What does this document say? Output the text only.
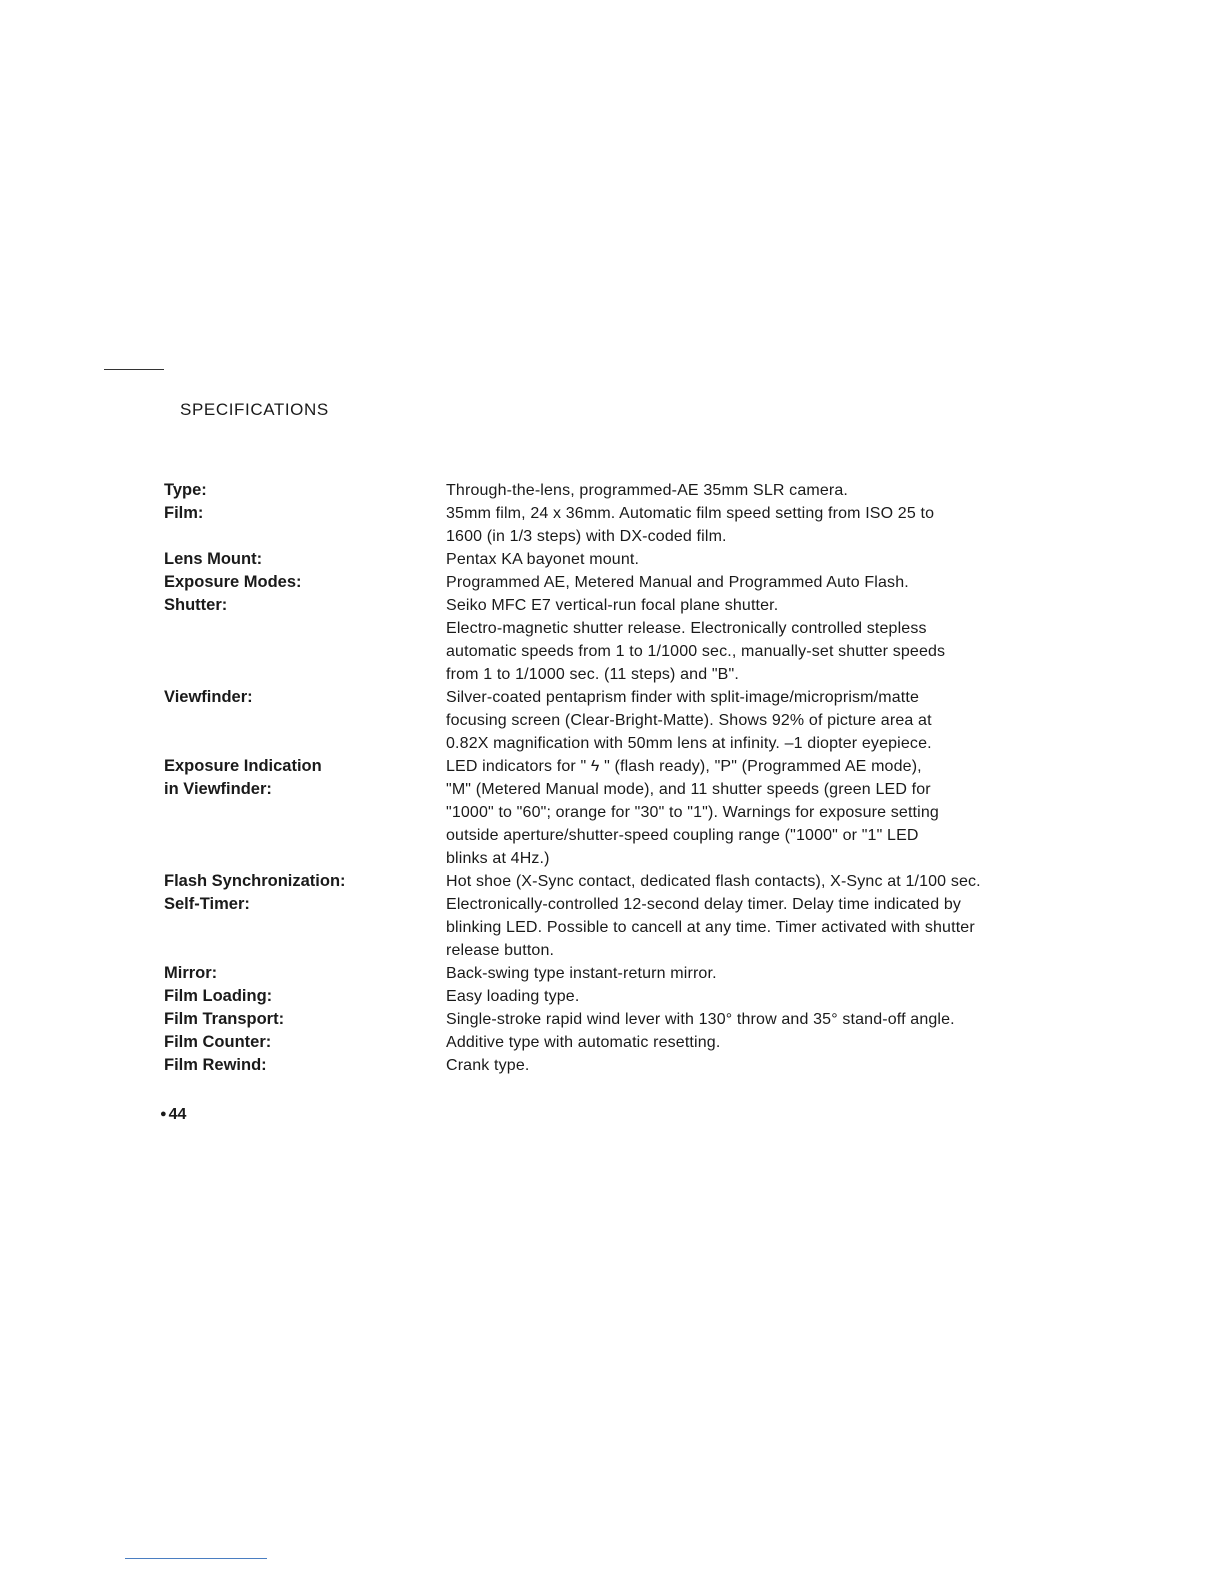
SPECIFICATIONS
Type:	Through-the-lens, programmed-AE 35mm SLR camera.
Film:	35mm film, 24 x 36mm. Automatic film speed setting from ISO 25 to
1600 (in 1/3 steps) with DX-coded film.
Lens Mount:	Pentax KA bayonet mount.
Exposure Modes:	Programmed AE, Metered Manual and Programmed Auto Flash.
Shutter:	Seiko MFC E7 vertical-run focal plane shutter.
Electro-magnetic shutter release. Electronically controlled stepless
automatic speeds from 1 to 1/1000 sec., manually-set shutter speeds
from 1 to 1/1000 sec. (11 steps) and "B".
Viewfinder:	Silver-coated pentaprism finder with split-image/microprism/matte
focusing screen (Clear-Bright-Matte). Shows 92% of picture area at
0.82X magnification with 50mm lens at infinity. –1 diopter eyepiece.
Exposure Indication
in Viewfinder:
LED indicators for " ϟ " (flash ready), "P" (Programmed AE mode),
"M" (Metered Manual mode), and 11 shutter speeds (green LED for
"1000" to "60"; orange for "30" to "1"). Warnings for exposure setting
outside aperture/shutter-speed coupling range ("1000" or "1" LED
blinks at 4Hz.)
Flash Synchronization:	Hot shoe (X-Sync contact, dedicated flash contacts), X-Sync at 1/100 sec.
Self-Timer:	Electronically-controlled 12-second delay timer. Delay time indicated by
blinking LED. Possible to cancell at any time. Timer activated with shutter
release button.
Mirror:	Back-swing type instant-return mirror.
Film Loading:	Easy loading type.
Film Transport:	Single-stroke rapid wind lever with 130° throw and 35° stand-off angle.
Film Counter:	Additive type with automatic resetting.
Film Rewind:	Crank type.
● 44
